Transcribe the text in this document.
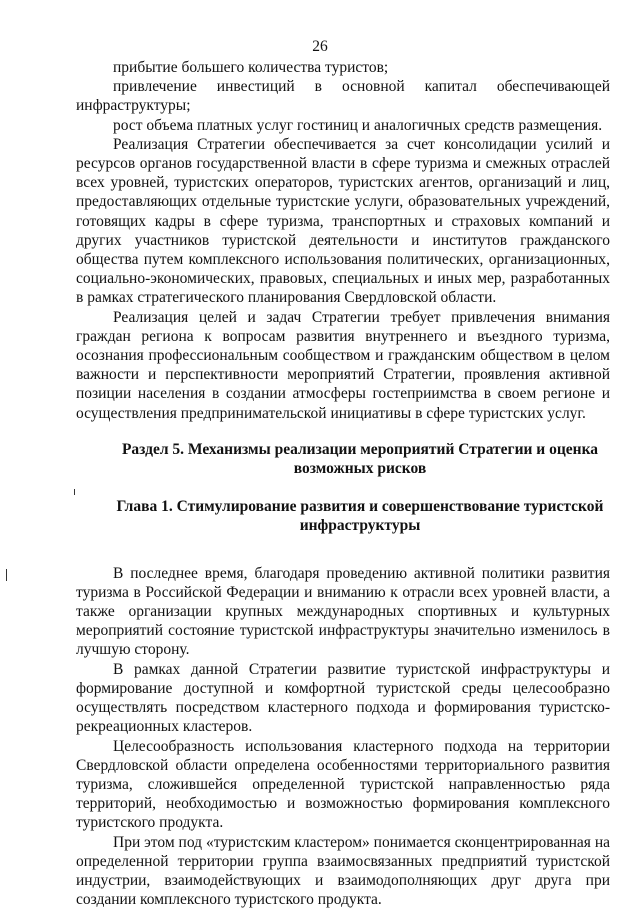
26

прибытие большего количества туристов;

привлечение инвестиций в основной капитал обеспечивающей инфраструктуры;

рост объема платных услуг гостиниц и аналогичных средств размещения.

Реализация Стратегии обеспечивается за счет консолидации усилий и ресурсов органов государственной власти в сфере туризма и смежных отраслей всех уровней, туристских операторов, туристских агентов, организаций и лиц, предоставляющих отдельные туристские услуги, образовательных учреждений, готовящих кадры в сфере туризма, транспортных и страховых компаний и других участников туристской деятельности и институтов гражданского общества путем комплексного использования политических, организационных, социально-экономических, правовых, специальных и иных мер, разработанных в рамках стратегического планирования Свердловской области.

Реализация целей и задач Стратегии требует привлечения внимания граждан региона к вопросам развития внутреннего и въездного туризма, осознания профессиональным сообществом и гражданским обществом в целом важности и перспективности мероприятий Стратегии, проявления активной позиции населения в создании атмосферы гостеприимства в своем регионе и осуществления предпринимательской инициативы в сфере туристских услуг.

Раздел 5. Механизмы реализации мероприятий Стратегии и оценка возможных рисков

Глава 1. Стимулирование развития и совершенствование туристской инфраструктуры

В последнее время, благодаря проведению активной политики развития туризма в Российской Федерации и вниманию к отрасли всех уровней власти, а также организации крупных международных спортивных и культурных мероприятий состояние туристской инфраструктуры значительно изменилось в лучшую сторону.

В рамках данной Стратегии развитие туристской инфраструктуры и формирование доступной и комфортной туристской среды целесообразно осуществлять посредством кластерного подхода и формирования туристско-рекреационных кластеров.

Целесообразность использования кластерного подхода на территории Свердловской области определена особенностями территориального развития туризма, сложившейся определенной туристской направленностью ряда территорий, необходимостью и возможностью формирования комплексного туристского продукта.

При этом под «туристским кластером» понимается сконцентрированная на определенной территории группа взаимосвязанных предприятий туристской индустрии, взаимодействующих и взаимодополняющих друг друга при создании комплексного туристского продукта.
